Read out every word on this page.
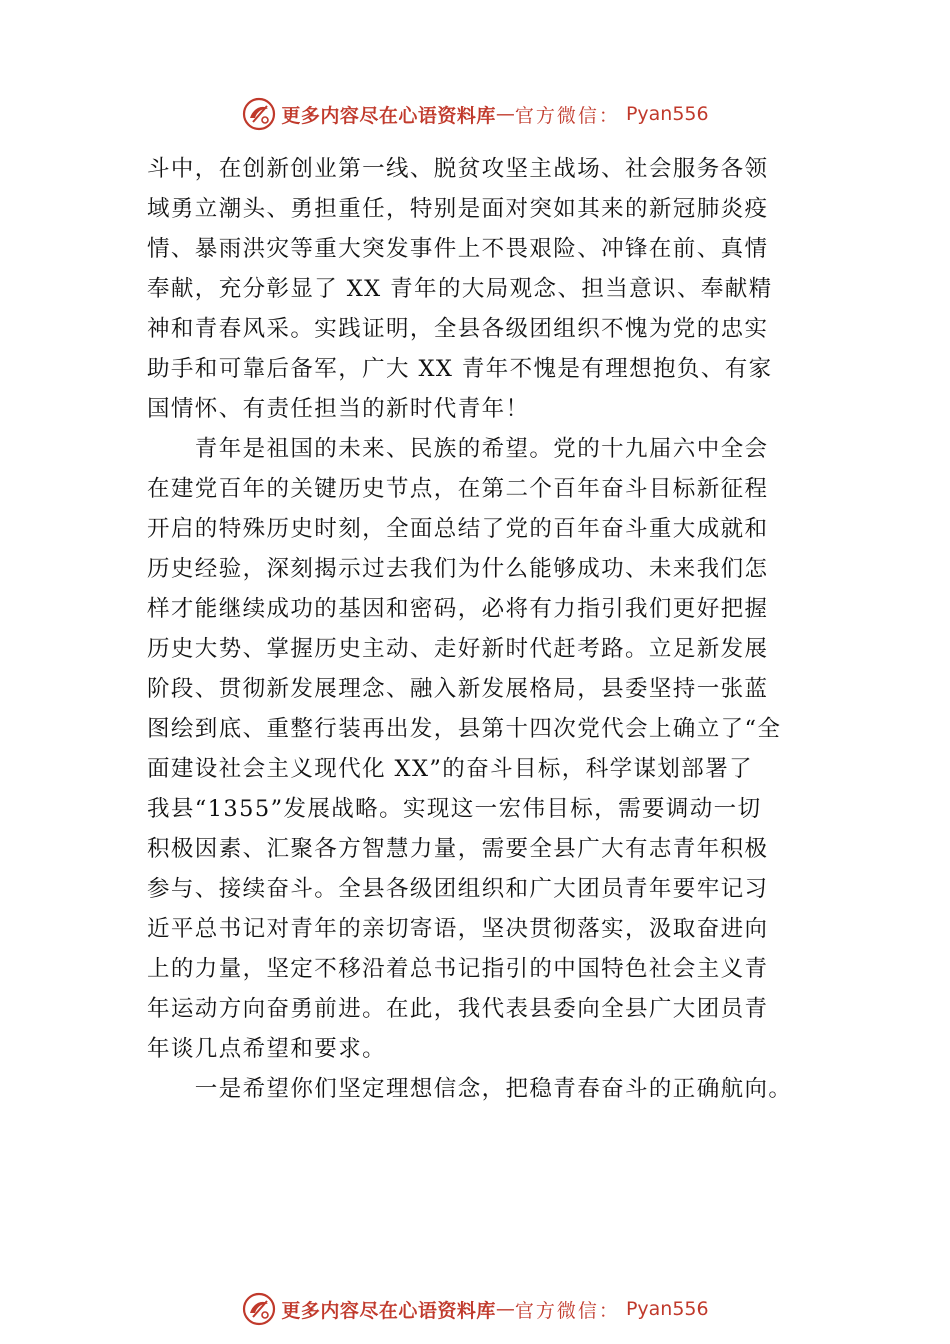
更多内容尽在心语资料库 — 官方微信： Pyan556
斗中，在创新创业第一线、脱贫攻坚主战场、社会服务各领
域勇立潮头、勇担重任，特别是面对突如其来的新冠肺炎疫
情、暴雨洪灾等重大突发事件上不畏艰险、冲锋在前、真情
奉献，充分彰显了 XX 青年的大局观念、担当意识、奉献精
神和青春风采。实践证明，全县各级团组织不愧为党的忠实
助手和可靠后备军，广大 XX 青年不愧是有理想抱负、有家
国情怀、有责任担当的新时代青年！
　　青年是祖国的未来、民族的希望。党的十九届六中全会
在建党百年的关键历史节点，在第二个百年奋斗目标新征程
开启的特殊历史时刻，全面总结了党的百年奋斗重大成就和
历史经验，深刻揭示过去我们为什么能够成功、未来我们怎
样才能继续成功的基因和密码，必将有力指引我们更好把握
历史大势、掌握历史主动、走好新时代赶考路。立足新发展
阶段、贯彻新发展理念、融入新发展格局，县委坚持一张蓝
图绘到底、重整行装再出发，县第十四次党代会上确立了“全
面建设社会主义现代化 XX”的奋斗目标，科学谋划部署了
我县“1355”发展战略。实现这一宏伟目标，需要调动一切
积极因素、汇聚各方智慧力量，需要全县广大有志青年积极
参与、接续奋斗。全县各级团组织和广大团员青年要牢记习
近平总书记对青年的亲切寄语，坚决贯彻落实，汲取奋进向
上的力量，坚定不移沿着总书记指引的中国特色社会主义青
年运动方向奋勇前进。在此，我代表县委向全县广大团员青
年谈几点希望和要求。
　　一是希望你们坚定理想信念，把稳青春奋斗的正确航向。
更多内容尽在心语资料库 — 官方微信： Pyan556
